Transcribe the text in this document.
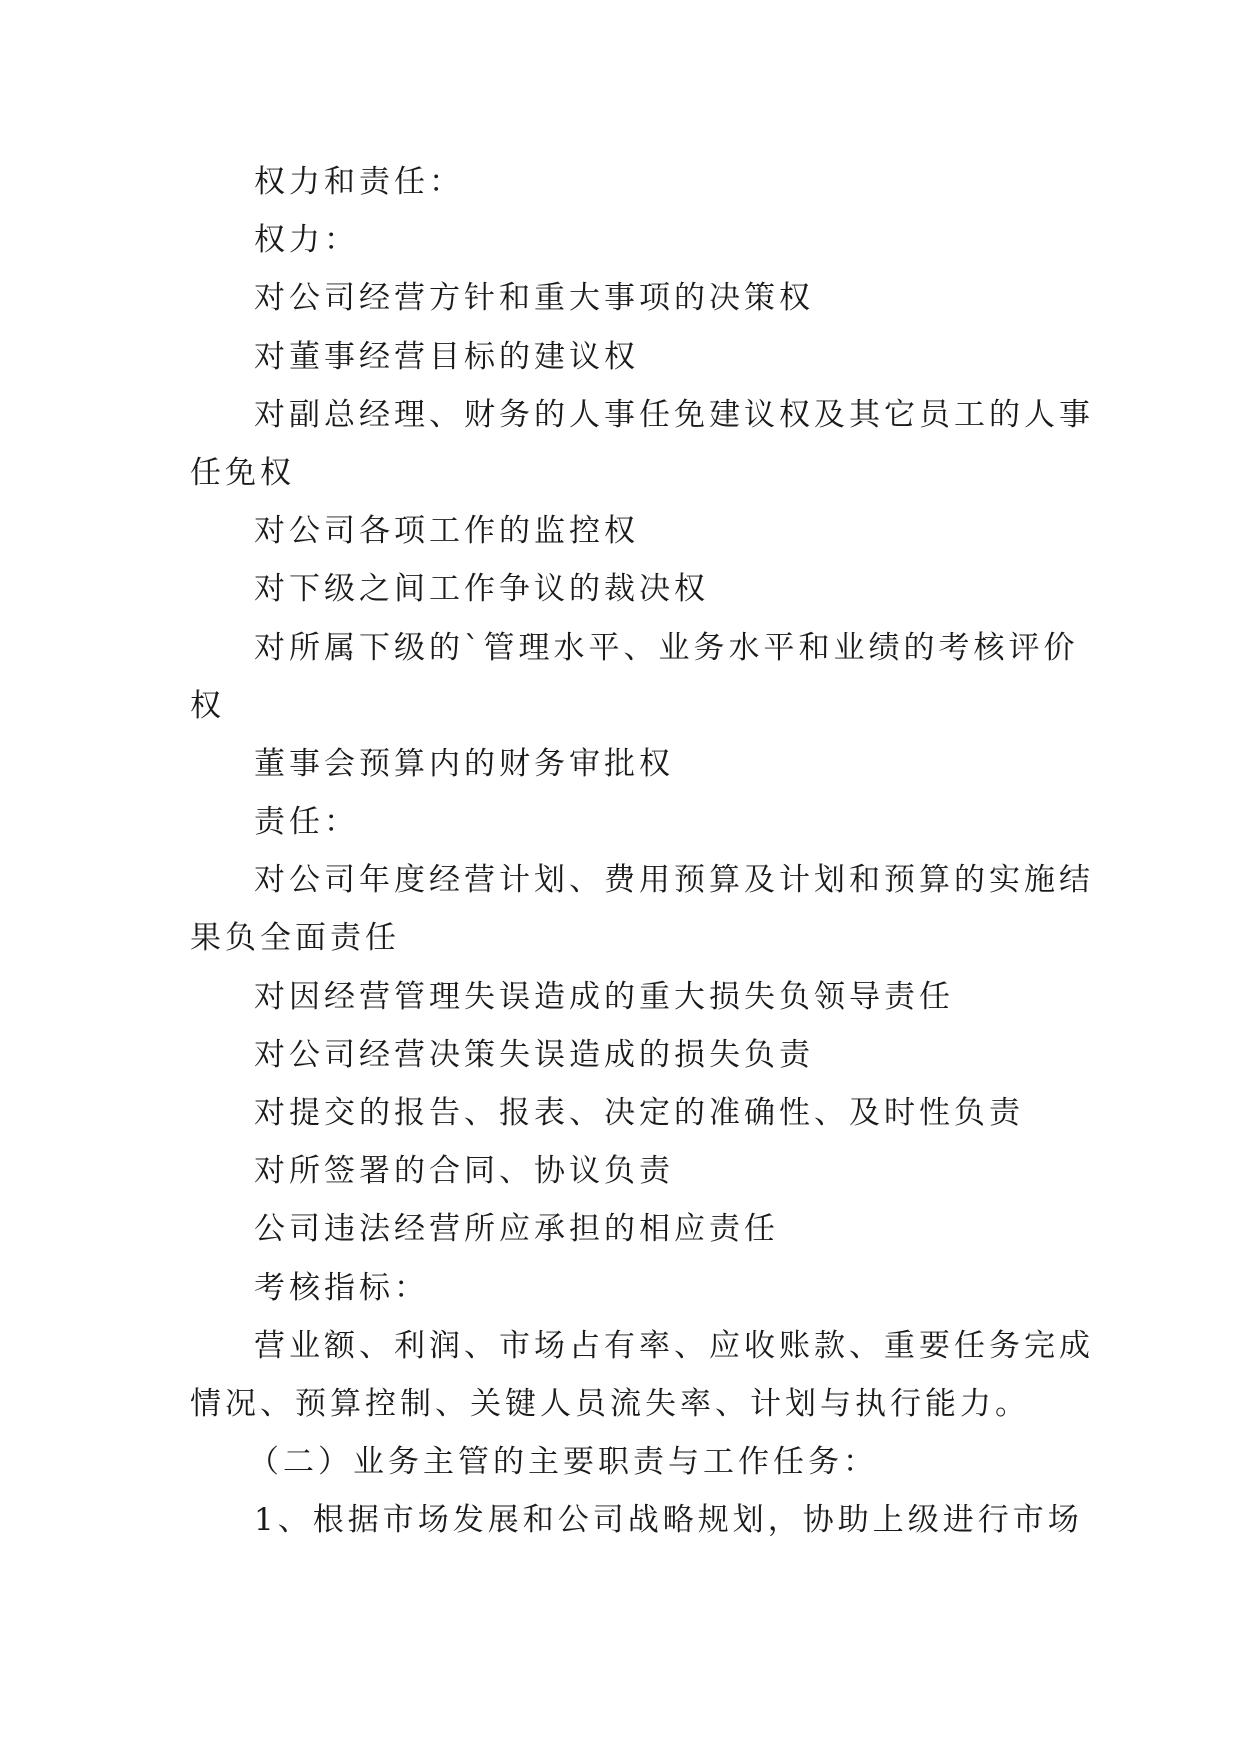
权力和责任：
权力：
对公司经营方针和重大事项的决策权
对董事经营目标的建议权
对副总经理、财务的人事任免建议权及其它员工的人事
任免权
对公司各项工作的监控权
对下级之间工作争议的裁决权
对所属下级的`管理水平、业务水平和业绩的考核评价
权
董事会预算内的财务审批权
责任：
对公司年度经营计划、费用预算及计划和预算的实施结
果负全面责任
对因经营管理失误造成的重大损失负领导责任
对公司经营决策失误造成的损失负责
对提交的报告、报表、决定的准确性、及时性负责
对所签署的合同、协议负责
公司违法经营所应承担的相应责任
考核指标：
营业额、利润、市场占有率、应收账款、重要任务完成
情况、预算控制、关键人员流失率、计划与执行能力。
（二）业务主管的主要职责与工作任务：
1、根据市场发展和公司战略规划，协助上级进行市场
